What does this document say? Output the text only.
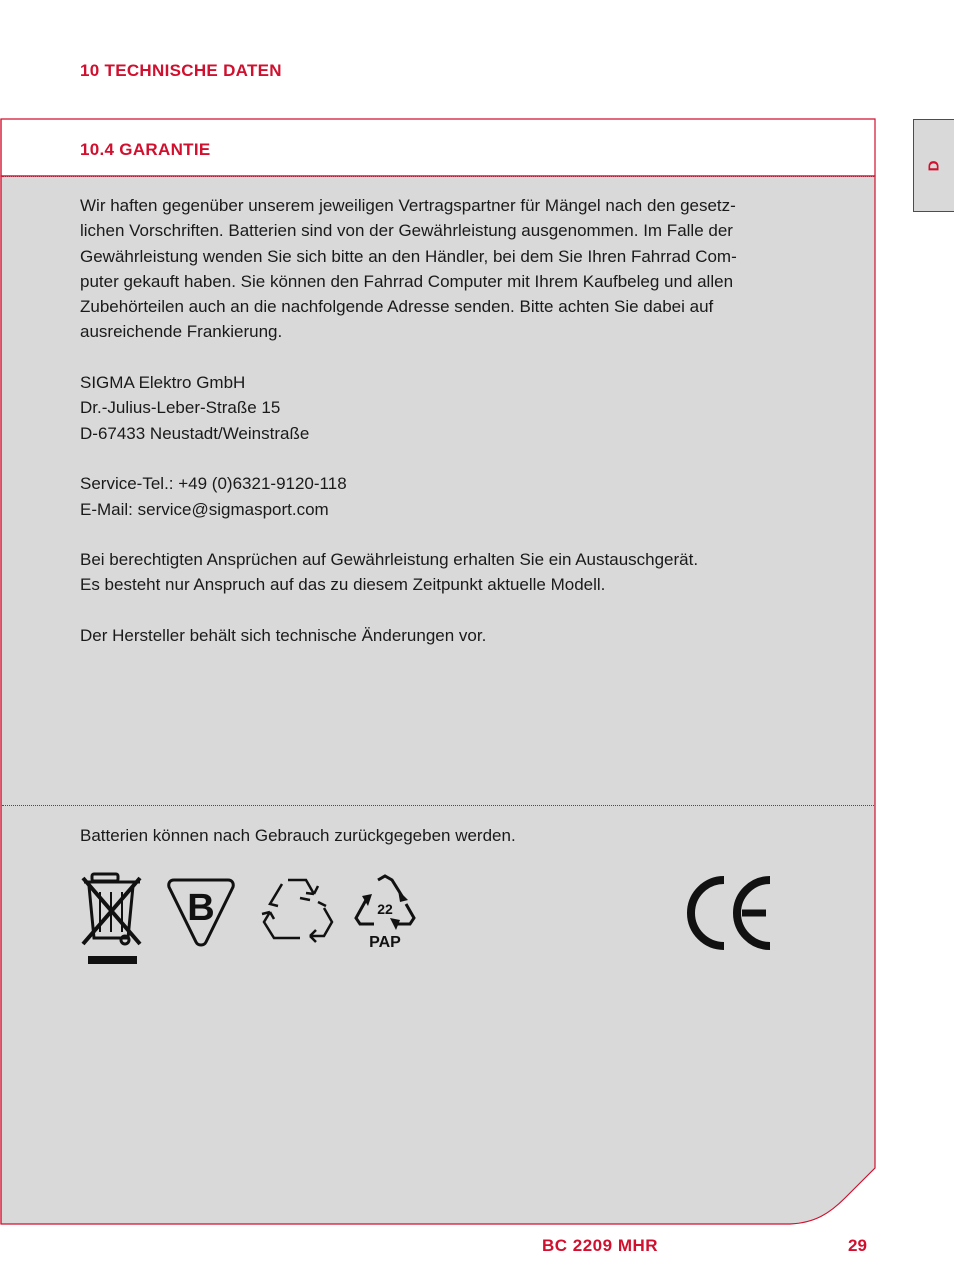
10 TECHNISCHE DATEN
D
10.4 GARANTIE

Wir haften gegenüber unserem jeweiligen Vertragspartner für Mängel nach den gesetz-

lichen Vorschriften. Batterien sind von der Gewährleistung ausgenommen. Im Falle der

Gewährleistung wenden Sie sich bitte an den Händler, bei dem Sie Ihren Fahrrad Com-

puter gekauft haben. Sie können den Fahrrad Computer mit Ihrem Kaufbeleg und allen

Zubehörteilen auch an die nachfolgende Adresse senden. Bitte achten Sie dabei auf

ausreichende Frankierung.

SIGMA Elektro GmbH

Dr.-Julius-Leber-Straße 15

D-67433 Neustadt/Weinstraße

Service-Tel.: +49 (0)6321-9120-118

E-Mail: service@sigmasport.com

Bei berechtigten Ansprüchen auf Gewährleistung erhalten Sie ein Austauschgerät.

Es besteht nur Anspruch auf das zu diesem Zeitpunkt aktuelle Modell.

Der Hersteller behält sich technische Änderungen vor.

Batterien können nach Gebrauch zurückgegeben werden.
B	22
PAP
BC 2209 MHR	29
